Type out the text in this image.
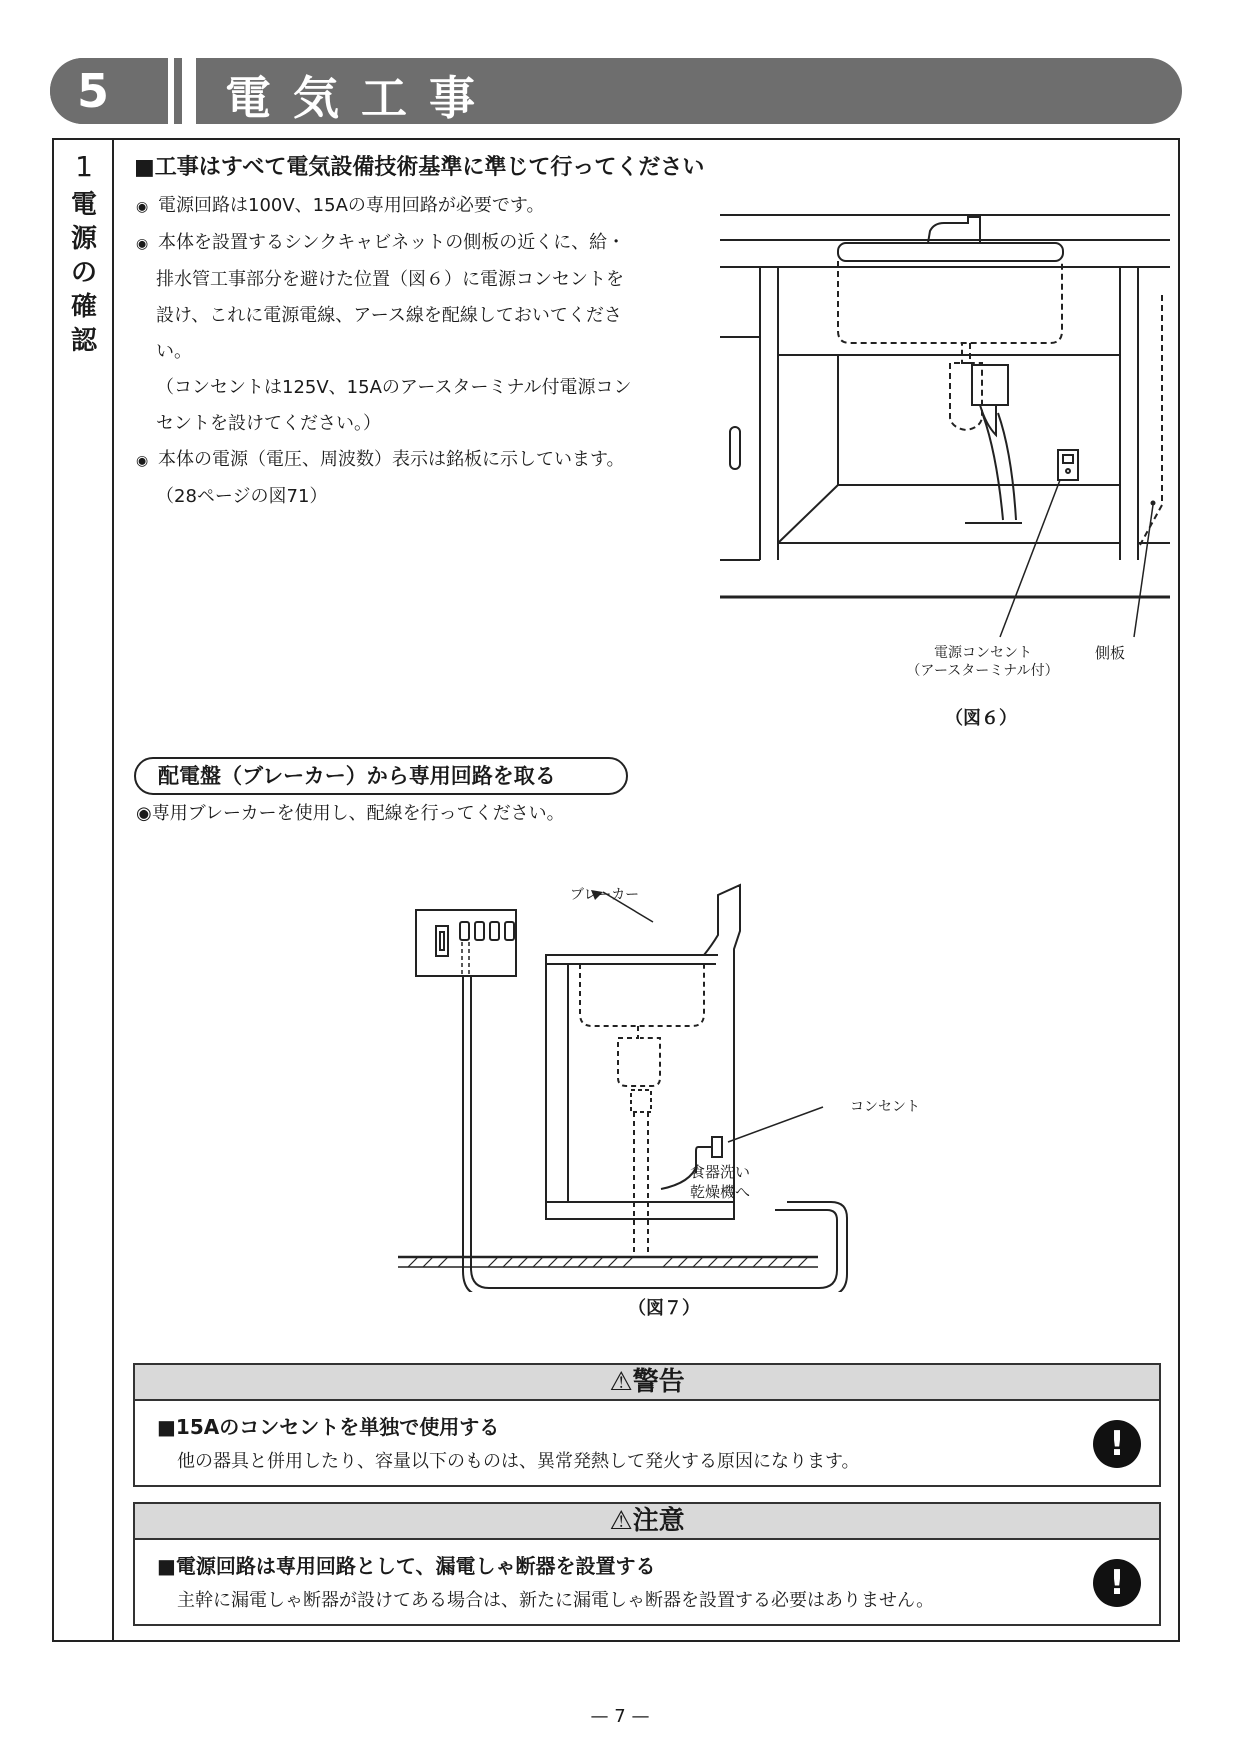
5	電気工事
1
電
源
の
確
認
■工事はすべて電気設備技術基準に準じて行ってください
◉ 電源回路は100V、15Aの専用回路が必要です。
◉ 本体を設置するシンクキャビネットの側板の近くに、給・
排水管工事部分を避けた位置（図６）に電源コンセントを
設け、これに電源電線、アース線を配線しておいてくださ
い。
（コンセントは125V、15Aのアースターミナル付電源コン
セントを設けてください。）
◉ 本体の電源（電圧、周波数）表示は銘板に示しています。
（28ページの図71）
電源コンセント
（アースターミナル付）
側板
（図６）
配電盤（ブレーカー）から専用回路を取る
◉専用ブレーカーを使用し、配線を行ってください。
ブレーカー
コンセント
食器洗い
乾燥機へ
（図７）
⚠警告
■15Aのコンセントを単独で使用する
他の器具と併用したり、容量以下のものは、異常発熱して発火する原因になります。	!
⚠注意
■電源回路は専用回路として、漏電しゃ断器を設置する
主幹に漏電しゃ断器が設けてある場合は、新たに漏電しゃ断器を設置する必要はありません。	!
— 7 —
